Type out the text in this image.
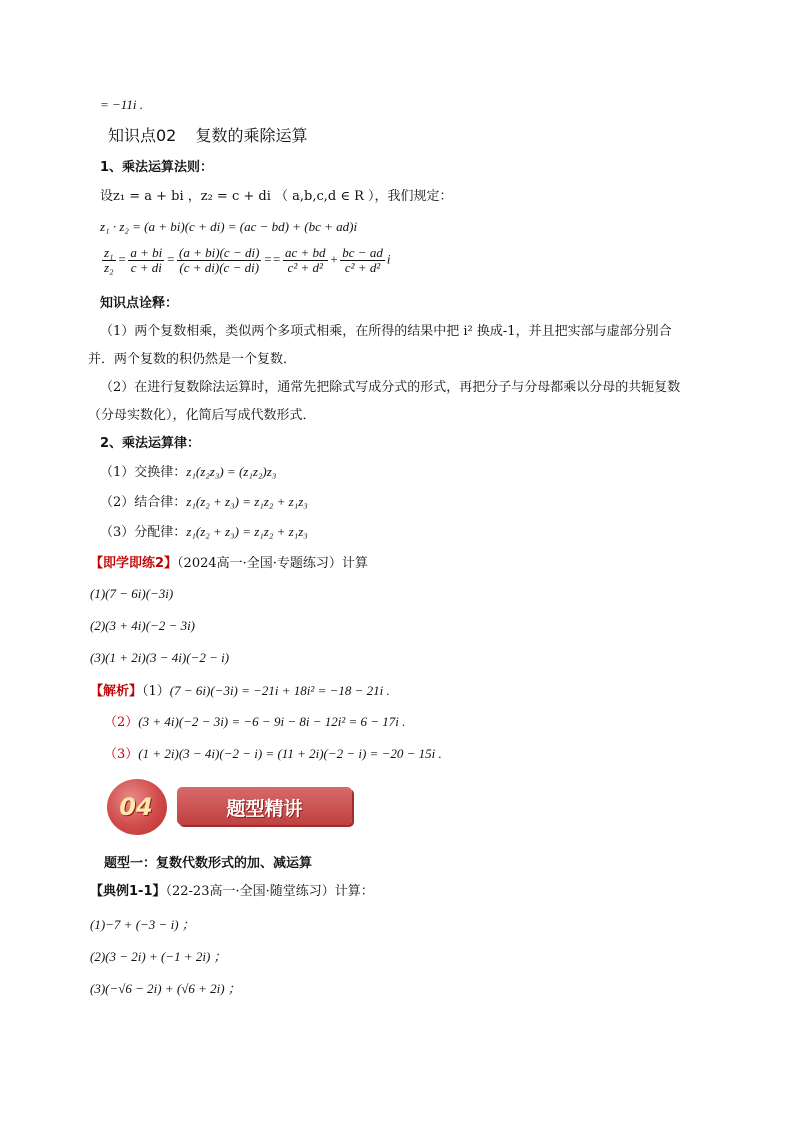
= −11i .
知识点02 复数的乘除运算
1、乘法运算法则：
设z₁ = a + bi ，z₂ = c + di （ a,b,c,d ∈ R ），我们规定：
z₁ · z₂ = (a + bi)(c + di) = (ac − bd) + (bc + ad)i
$\frac{\text{z₁}}{\text{z₂}} = \frac{a + bi}{c + di} = \frac{(a + bi)(c - di)}{(c + di)(c - di)} == \frac{ac + bd}{\text{c² + d²}} + \frac{bc - ad}{\text{c² + d²}}$ i
知识点诠释：
（1）两个复数相乘，类似两个多项式相乘，在所得的结果中把 i² 换成-1，并且把实部与虚部分别合
并．两个复数的积仍然是一个复数．
（2）在进行复数除法运算时，通常先把除式写成分式的形式，再把分子与分母都乘以分母的共轭复数
（分母实数化），化简后写成代数形式．
2、乘法运算律：
（1）交换律：z₁(z₂z₃) = (z₁z₂)z₃
（2）结合律：z₁(z₂ + z₃) = z₁z₂ + z₁z₃
（3）分配律：z₁(z₂ + z₃) = z₁z₂ + z₁z₃
【即学即练2】（2024高一·全国·专题练习）计算
(1)(7 − 6i)(−3i)
(2)(3 + 4i)(−2 − 3i)
(3)(1 + 2i)(3 − 4i)(−2 − i)
【解析】（1）(7 − 6i)(−3i) = −21i + 18i² = −18 − 21i .
（2）(3 + 4i)(−2 − 3i) = −6 − 9i − 8i − 12i² = 6 − 17i .
（3）(1 + 2i)(3 − 4i)(−2 − i) = (11 + 2i)(−2 − i) = −20 − 15i .
04	题型精讲
题型一：复数代数形式的加、减运算
【典例1-1】（22-23高一·全国·随堂练习）计算：
(1)−7 + (−3 − i) ；
(2)(3 − 2i) + (−1 + 2i) ；
(3)(−√6 − 2i) + (√6 + 2i) ；
